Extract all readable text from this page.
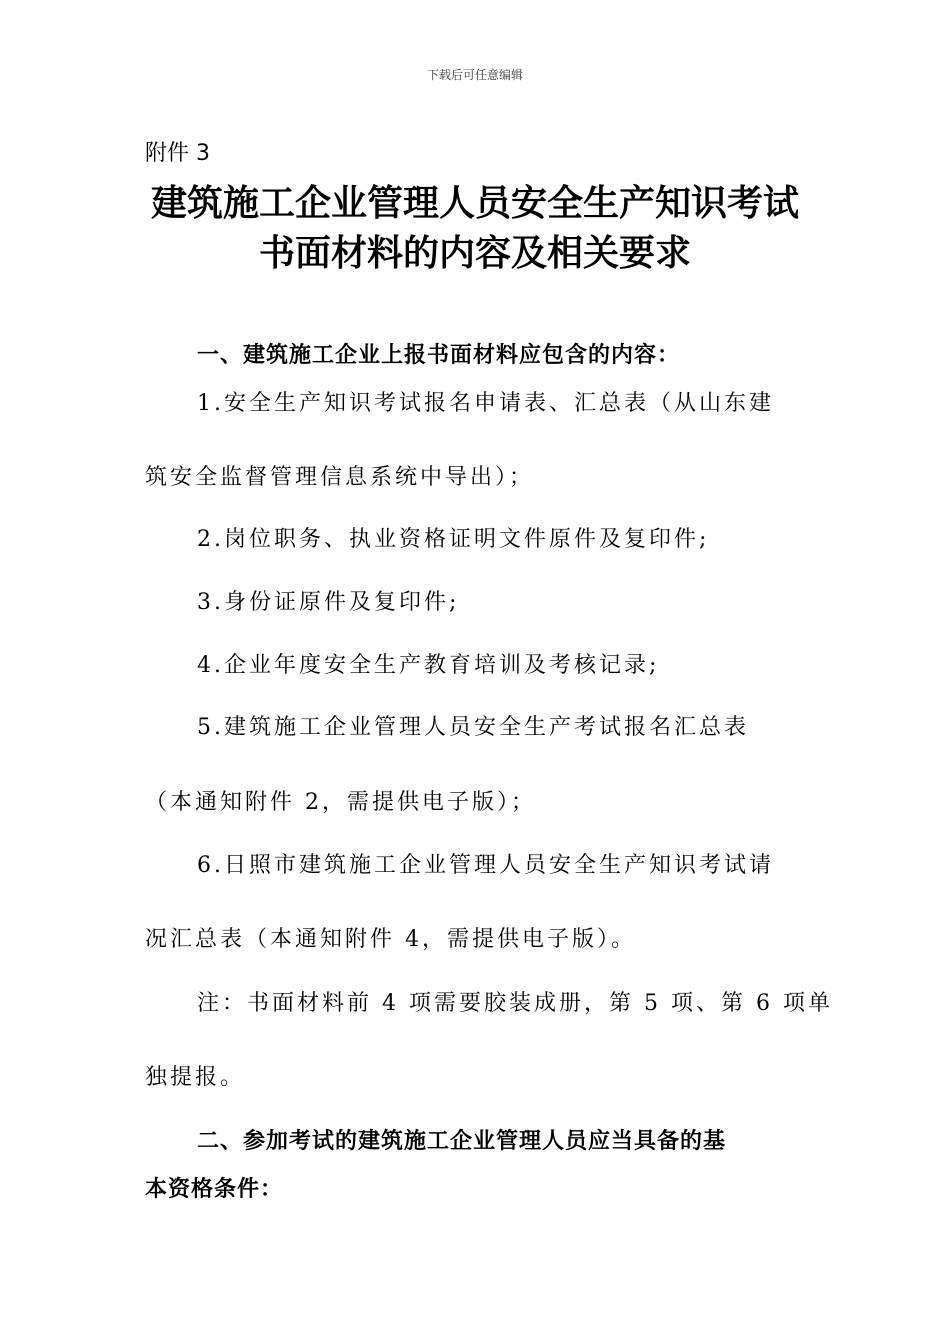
下载后可任意编辑
附件 3
建筑施工企业管理人员安全生产知识考试
书面材料的内容及相关要求
一、建筑施工企业上报书面材料应包含的内容：
1.安全生产知识考试报名申请表、汇总表（从山东建
筑安全监督管理信息系统中导出）；
2.岗位职务、执业资格证明文件原件及复印件;
3.身份证原件及复印件;
4.企业年度安全生产教育培训及考核记录;
5.建筑施工企业管理人员安全生产考试报名汇总表
（本通知附件 2，需提供电子版）；
6.日照市建筑施工企业管理人员安全生产知识考试请
况汇总表（本通知附件 4，需提供电子版）。
注：书面材料前 4 项需要胶装成册，第 5 项、第 6 项单
独提报。
二、参加考试的建筑施工企业管理人员应当具备的基
本资格条件：
